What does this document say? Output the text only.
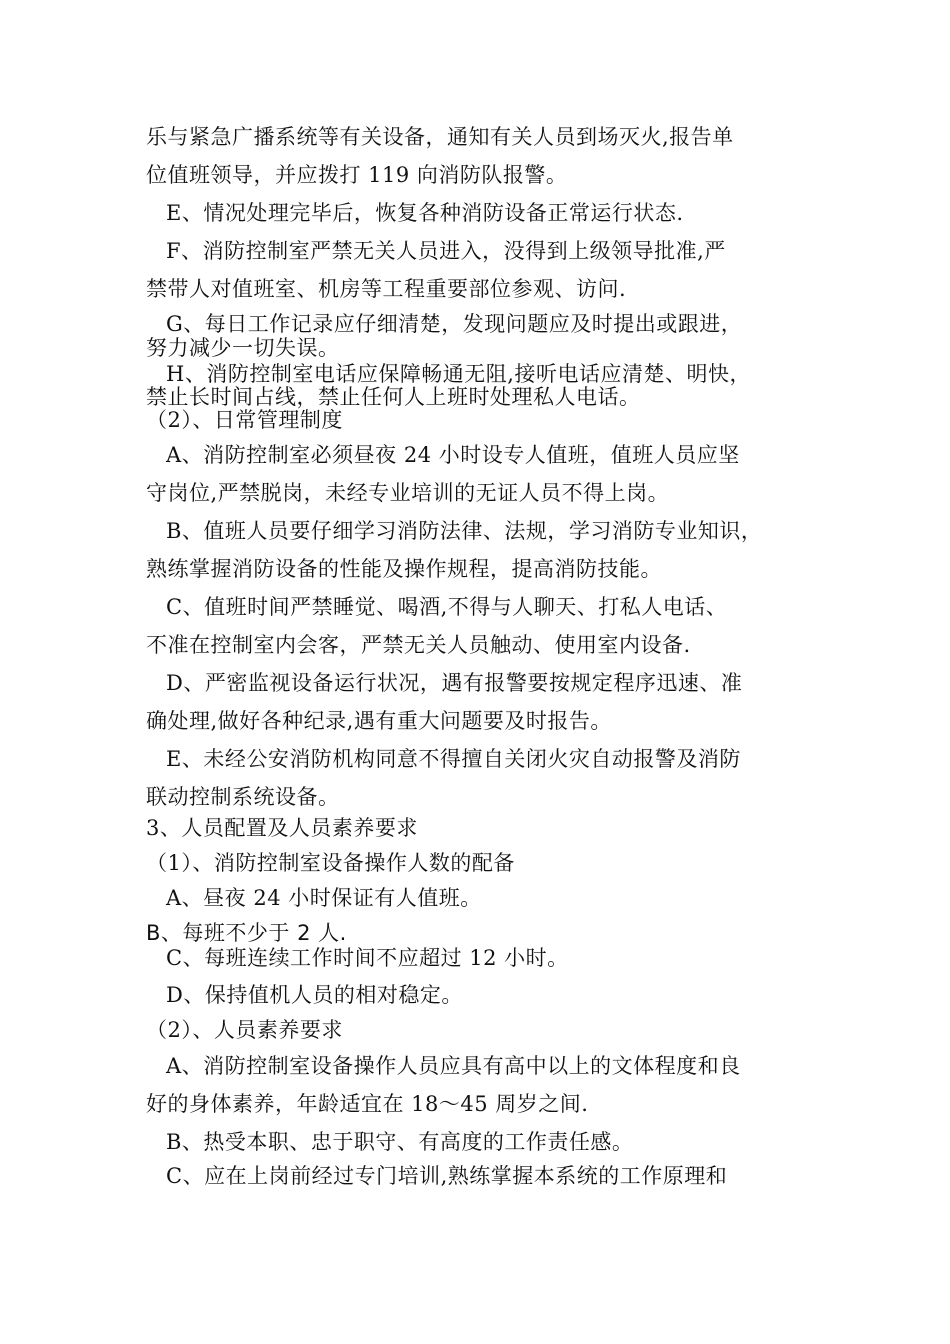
乐与紧急广播系统等有关设备，通知有关人员到场灭火,报告单

位值班领导，并应拨打 119 向消防队报警。

E、情况处理完毕后，恢复各种消防设备正常运行状态.

F、消防控制室严禁无关人员进入，没得到上级领导批准,严

禁带人对值班室、机房等工程重要部位参观、访问.

G、每日工作记录应仔细清楚，发现问题应及时提出或跟进，

努力减少一切失误。

H、消防控制室电话应保障畅通无阻,接听电话应清楚、明快，

禁止长时间占线，禁止任何人上班时处理私人电话。

（2）、日常管理制度

A、消防控制室必须昼夜 24 小时设专人值班，值班人员应坚

守岗位,严禁脱岗，未经专业培训的无证人员不得上岗。

B、值班人员要仔细学习消防法律、法规，学习消防专业知识，

熟练掌握消防设备的性能及操作规程，提高消防技能。

C、值班时间严禁睡觉、喝酒,不得与人聊天、打私人电话、

不准在控制室内会客，严禁无关人员触动、使用室内设备.

D、严密监视设备运行状况，遇有报警要按规定程序迅速、准

确处理,做好各种纪录,遇有重大问题要及时报告。

E、未经公安消防机构同意不得擅自关闭火灾自动报警及消防

联动控制系统设备。

3、人员配置及人员素养要求

（1）、消防控制室设备操作人数的配备

A、昼夜 24 小时保证有人值班。

B、每班不少于 2 人.

C、每班连续工作时间不应超过 12 小时。

D、保持值机人员的相对稳定。

（2）、人员素养要求

A、消防控制室设备操作人员应具有高中以上的文体程度和良

好的身体素养，年龄适宜在 18～45 周岁之间.

B、热受本职、忠于职守、有高度的工作责任感。

C、应在上岗前经过专门培训,熟练掌握本系统的工作原理和
